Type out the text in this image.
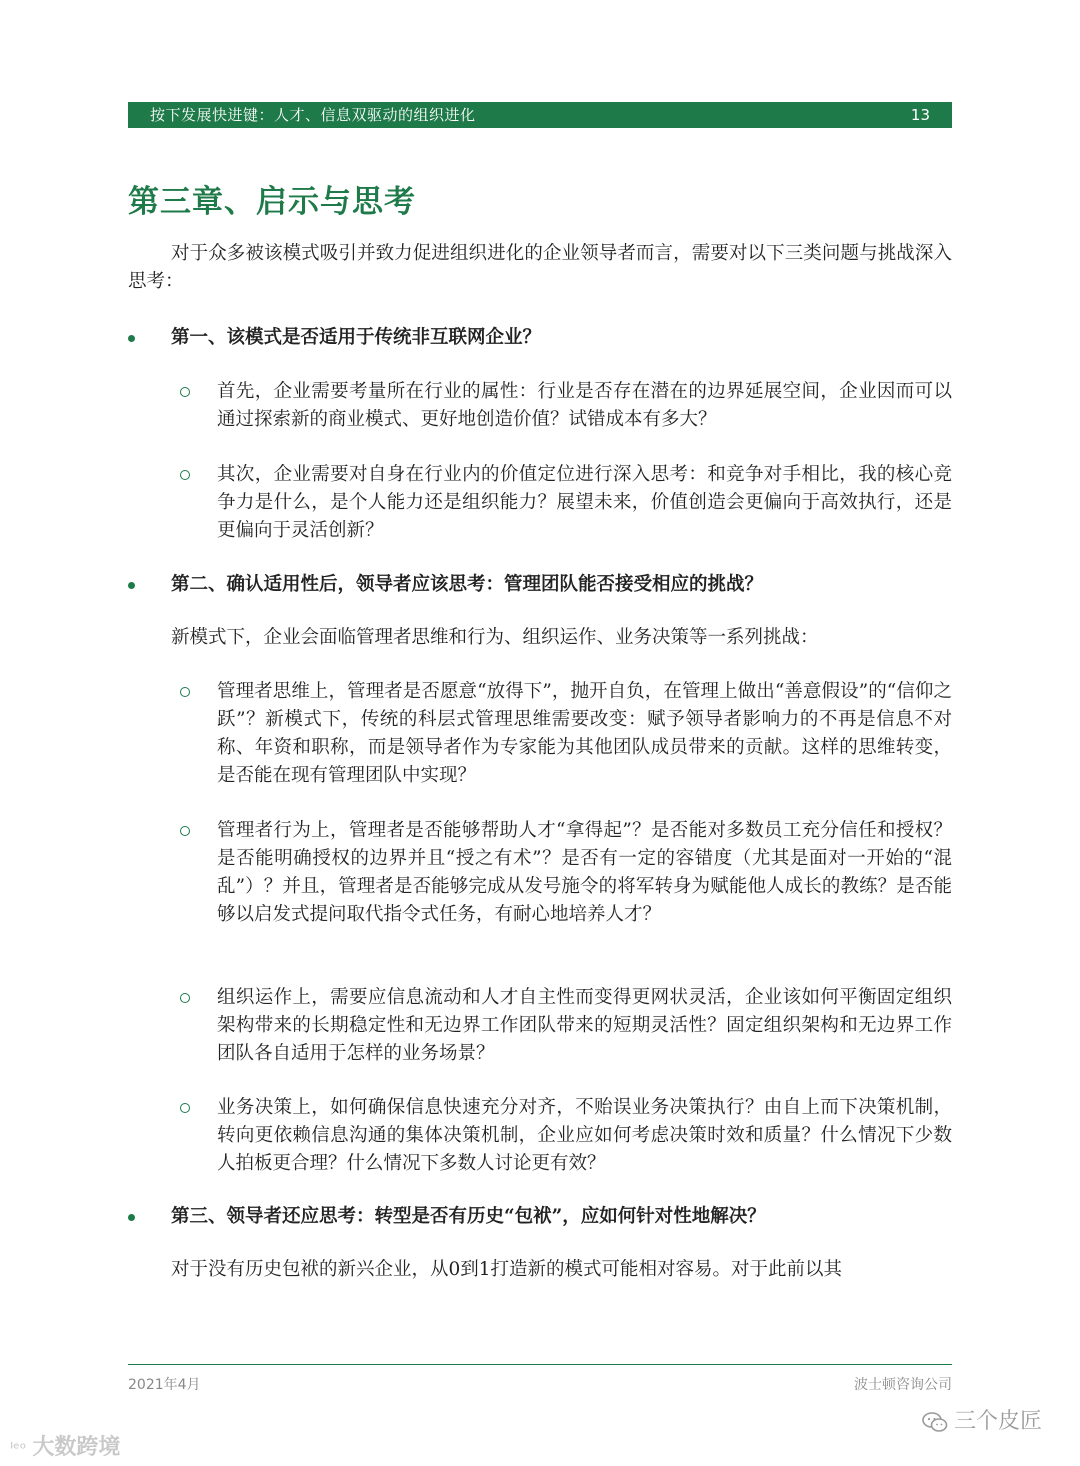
按下发展快进键：人才、信息双驱动的组织进化	13
第三章、启示与思考
对于众多被该模式吸引并致力促进组织进化的企业领导者而言，需要对以下三类问题与挑战深入思考：
第一、该模式是否适用于传统非互联网企业？
首先，企业需要考量所在行业的属性：行业是否存在潜在的边界延展空间，企业因而可以通过探索新的商业模式、更好地创造价值？试错成本有多大？
其次，企业需要对自身在行业内的价值定位进行深入思考：和竞争对手相比，我的核心竞争力是什么，是个人能力还是组织能力？展望未来，价值创造会更偏向于高效执行，还是更偏向于灵活创新？
第二、确认适用性后，领导者应该思考：管理团队能否接受相应的挑战？
新模式下，企业会面临管理者思维和行为、组织运作、业务决策等一系列挑战：
管理者思维上，管理者是否愿意“放得下”，抛开自负，在管理上做出“善意假设”的“信仰之跃”？新模式下，传统的科层式管理思维需要改变：赋予领导者影响力的不再是信息不对称、年资和职称，而是领导者作为专家能为其他团队成员带来的贡献。这样的思维转变，是否能在现有管理团队中实现？
管理者行为上，管理者是否能够帮助人才“拿得起”？是否能对多数员工充分信任和授权？是否能明确授权的边界并且“授之有术”？是否有一定的容错度（尤其是面对一开始的“混乱”）？并且，管理者是否能够完成从发号施令的将军转身为赋能他人成长的教练？是否能够以启发式提问取代指令式任务，有耐心地培养人才？
组织运作上，需要应信息流动和人才自主性而变得更网状灵活，企业该如何平衡固定组织架构带来的长期稳定性和无边界工作团队带来的短期灵活性？固定组织架构和无边界工作团队各自适用于怎样的业务场景？
业务决策上，如何确保信息快速充分对齐，不贻误业务决策执行？由自上而下决策机制，转向更依赖信息沟通的集体决策机制，企业应如何考虑决策时效和质量？什么情况下少数人拍板更合理？什么情况下多数人讨论更有效？
第三、领导者还应思考：转型是否有历史“包袱”，应如何针对性地解决？
对于没有历史包袱的新兴企业，从0到1打造新的模式可能相对容易。对于此前以其
2021年4月	波士顿咨询公司
三个皮匠
ᑊᵉᵒ 大数跨境
